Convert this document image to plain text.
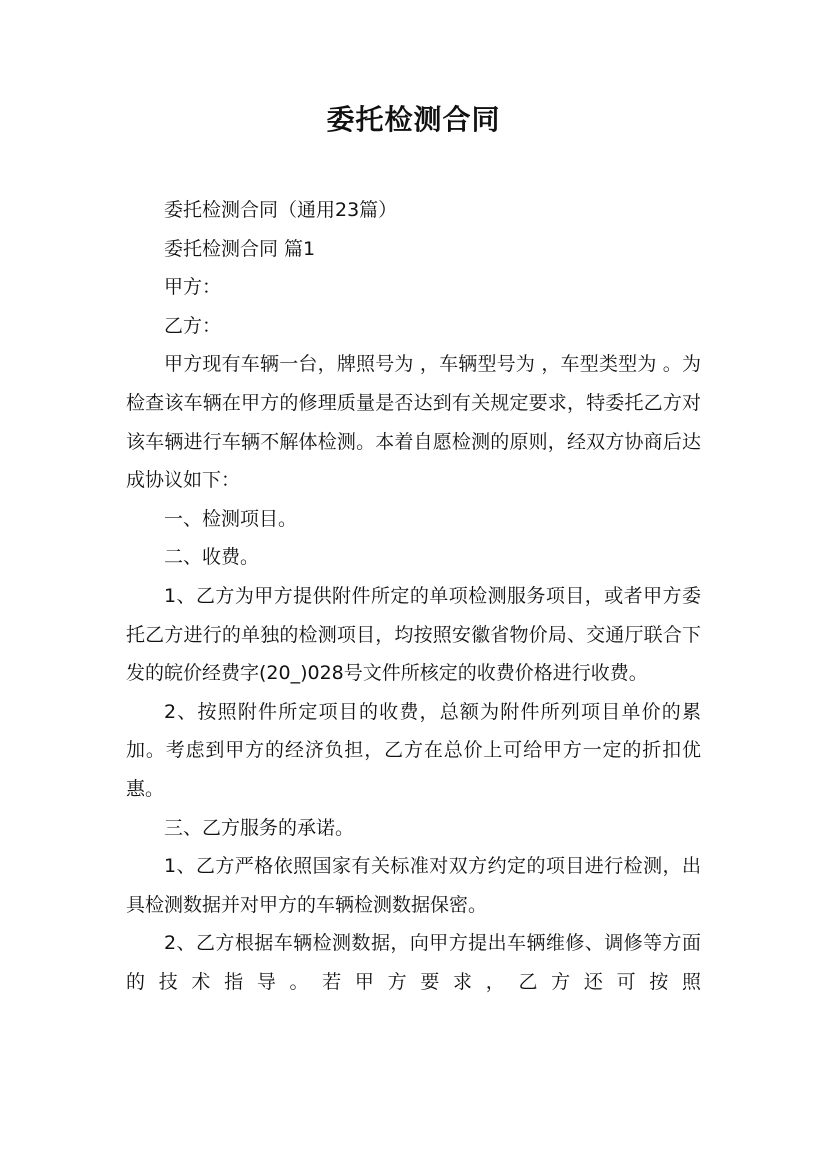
委托检测合同

委托检测合同（通用23篇）

委托检测合同 篇1

甲方：

乙方：

甲方现有车辆一台，牌照号为 ，车辆型号为 ，车型类型为 。为检查该车辆在甲方的修理质量是否达到有关规定要求，特委托乙方对该车辆进行车辆不解体检测。本着自愿检测的原则，经双方协商后达成协议如下：

一、检测项目。

二、收费。

1、乙方为甲方提供附件所定的单项检测服务项目，或者甲方委托乙方进行的单独的检测项目，均按照安徽省物价局、交通厅联合下发的皖价经费字(20_)028号文件所核定的收费价格进行收费。

2、按照附件所定项目的收费，总额为附件所列项目单价的累加。考虑到甲方的经济负担，乙方在总价上可给甲方一定的折扣优惠。

三、乙方服务的承诺。

1、乙方严格依照国家有关标准对双方约定的项目进行检测，出具检测数据并对甲方的车辆检测数据保密。

2、乙方根据车辆检测数据，向甲方提出车辆维修、调修等方面的技术指导。若甲方要求，乙方还可按照
